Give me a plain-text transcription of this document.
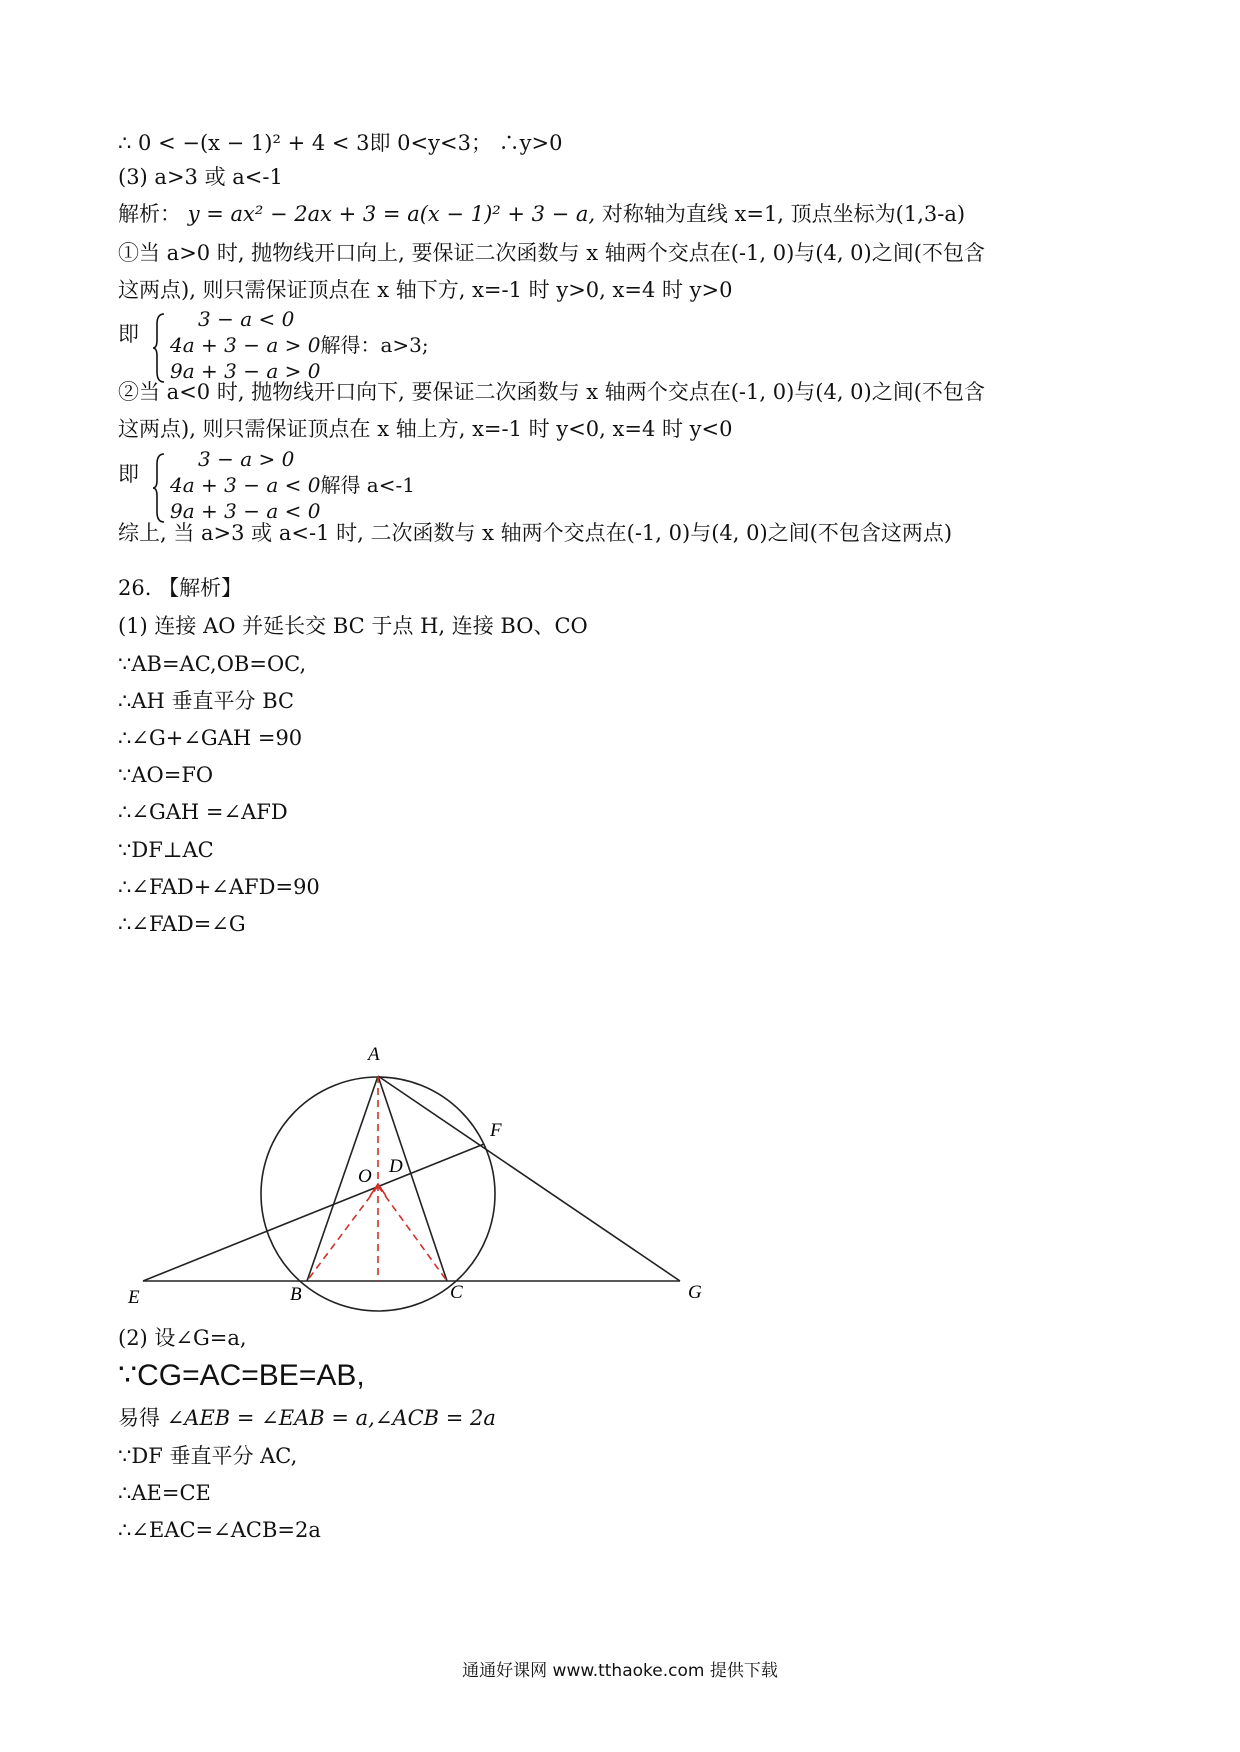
∴ 0 < −(x − 1)² + 4 < 3即 0<y<3； ∴y>0
(3) a>3 或 a<-1
解析： y = ax² − 2ax + 3 = a(x − 1)² + 3 − a, 对称轴为直线 x=1, 顶点坐标为(1,3-a)
①当 a>0 时, 抛物线开口向上, 要保证二次函数与 x 轴两个交点在(-1, 0)与(4, 0)之间(不包含
这两点), 则只需保证顶点在 x 轴下方, x=-1 时 y>0, x=4 时 y>0
即
3 − a < 0
4a + 3 − a > 0解得：a>3;
9a + 3 − a > 0
②当 a<0 时, 抛物线开口向下, 要保证二次函数与 x 轴两个交点在(-1, 0)与(4, 0)之间(不包含
这两点), 则只需保证顶点在 x 轴上方, x=-1 时 y<0, x=4 时 y<0
即
3 − a > 0
4a + 3 − a < 0解得 a<-1
9a + 3 − a < 0
综上, 当 a>3 或 a<-1 时, 二次函数与 x 轴两个交点在(-1, 0)与(4, 0)之间(不包含这两点)
26. 【解析】
(1) 连接 AO 并延长交 BC 于点 H, 连接 BO、CO
∵AB=AC,OB=OC,
∴AH 垂直平分 BC
∴∠G+∠GAH =90
∵AO=FO
∴∠GAH =∠AFD
∵DF⊥AC
∴∠FAD+∠AFD=90
∴∠FAD=∠G
A
F
O D
E	B	C	G
(2) 设∠G=a,
∵CG=AC=BE=AB,
易得 ∠AEB = ∠EAB = a,∠ACB = 2a
∵DF 垂直平分 AC,
∴AE=CE
∴∠EAC=∠ACB=2a
通通好课网 www.tthaoke.com 提供下载
